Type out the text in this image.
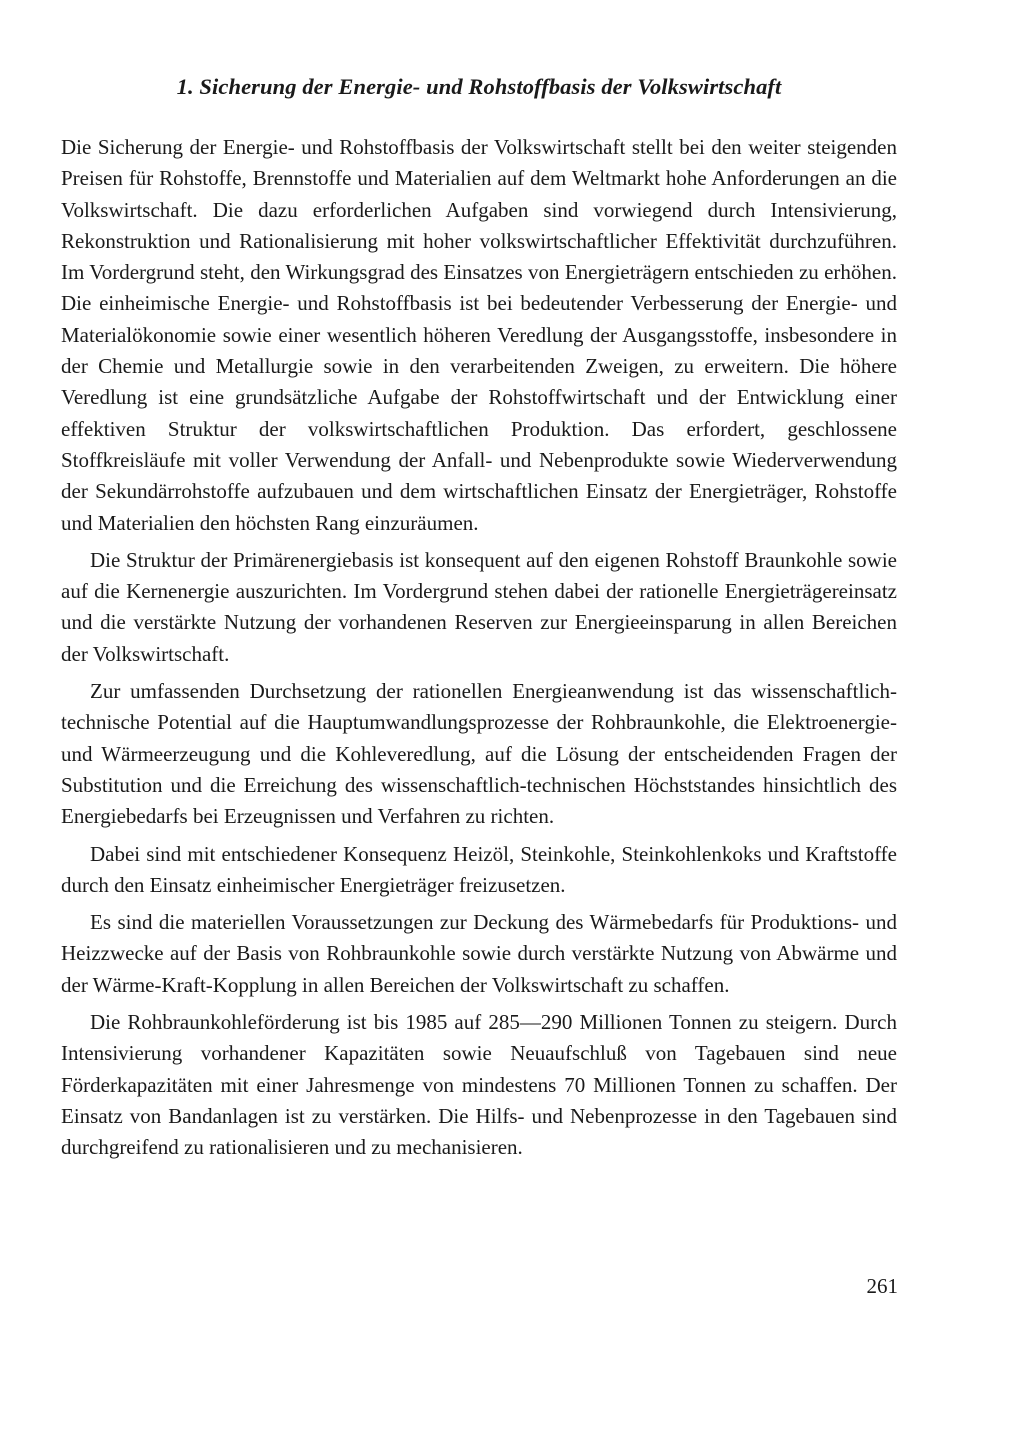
1. Sicherung der Energie- und Rohstoffbasis der Volkswirtschaft

Die Sicherung der Energie- und Rohstoffbasis der Volkswirtschaft stellt bei den weiter steigenden Preisen für Rohstoffe, Brennstoffe und Materialien auf dem Weltmarkt hohe Anforderungen an die Volkswirtschaft. Die dazu erforderlichen Aufgaben sind vorwiegend durch Intensivierung, Rekonstruktion und Rationalisierung mit hoher volkswirtschaftlicher Effektivität durchzuführen. Im Vordergrund steht, den Wirkungsgrad des Einsatzes von Energieträgern entschieden zu erhöhen. Die einheimische Energie- und Rohstoffbasis ist bei bedeutender Verbesserung der Energie- und Materialökonomie sowie einer wesentlich höheren Veredlung der Ausgangsstoffe, insbesondere in der Chemie und Metallurgie sowie in den verarbeitenden Zweigen, zu erweitern. Die höhere Veredlung ist eine grundsätzliche Aufgabe der Rohstoffwirtschaft und der Entwicklung einer effektiven Struktur der volkswirtschaftlichen Produktion. Das erfordert, geschlossene Stoffkreisläufe mit voller Verwendung der Anfall- und Nebenprodukte sowie Wiederverwendung der Sekundärrohstoffe aufzubauen und dem wirtschaftlichen Einsatz der Energieträger, Rohstoffe und Materialien den höchsten Rang einzuräumen.

Die Struktur der Primärenergiebasis ist konsequent auf den eigenen Rohstoff Braunkohle sowie auf die Kernenergie auszurichten. Im Vordergrund stehen dabei der rationelle Energieträgereinsatz und die verstärkte Nutzung der vorhandenen Reserven zur Energieeinsparung in allen Bereichen der Volkswirtschaft.

Zur umfassenden Durchsetzung der rationellen Energieanwendung ist das wissenschaftlich-technische Potential auf die Hauptumwandlungsprozesse der Rohbraunkohle, die Elektroenergie- und Wärmeerzeugung und die Kohleveredlung, auf die Lösung der entscheidenden Fragen der Substitution und die Erreichung des wissenschaftlich-technischen Höchststandes hinsichtlich des Energiebedarfs bei Erzeugnissen und Verfahren zu richten.

Dabei sind mit entschiedener Konsequenz Heizöl, Steinkohle, Steinkohlenkoks und Kraftstoffe durch den Einsatz einheimischer Energieträger freizusetzen.

Es sind die materiellen Voraussetzungen zur Deckung des Wärmebedarfs für Produktions- und Heizzwecke auf der Basis von Rohbraunkohle sowie durch verstärkte Nutzung von Abwärme und der Wärme-Kraft-Kopplung in allen Bereichen der Volkswirtschaft zu schaffen.

Die Rohbraunkohleförderung ist bis 1985 auf 285—290 Millionen Tonnen zu steigern. Durch Intensivierung vorhandener Kapazitäten sowie Neuaufschluß von Tagebauen sind neue Förderkapazitäten mit einer Jahresmenge von mindestens 70 Millionen Tonnen zu schaffen. Der Einsatz von Bandanlagen ist zu verstärken. Die Hilfs- und Nebenprozesse in den Tagebauen sind durchgreifend zu rationalisieren und zu mechanisieren.

261
